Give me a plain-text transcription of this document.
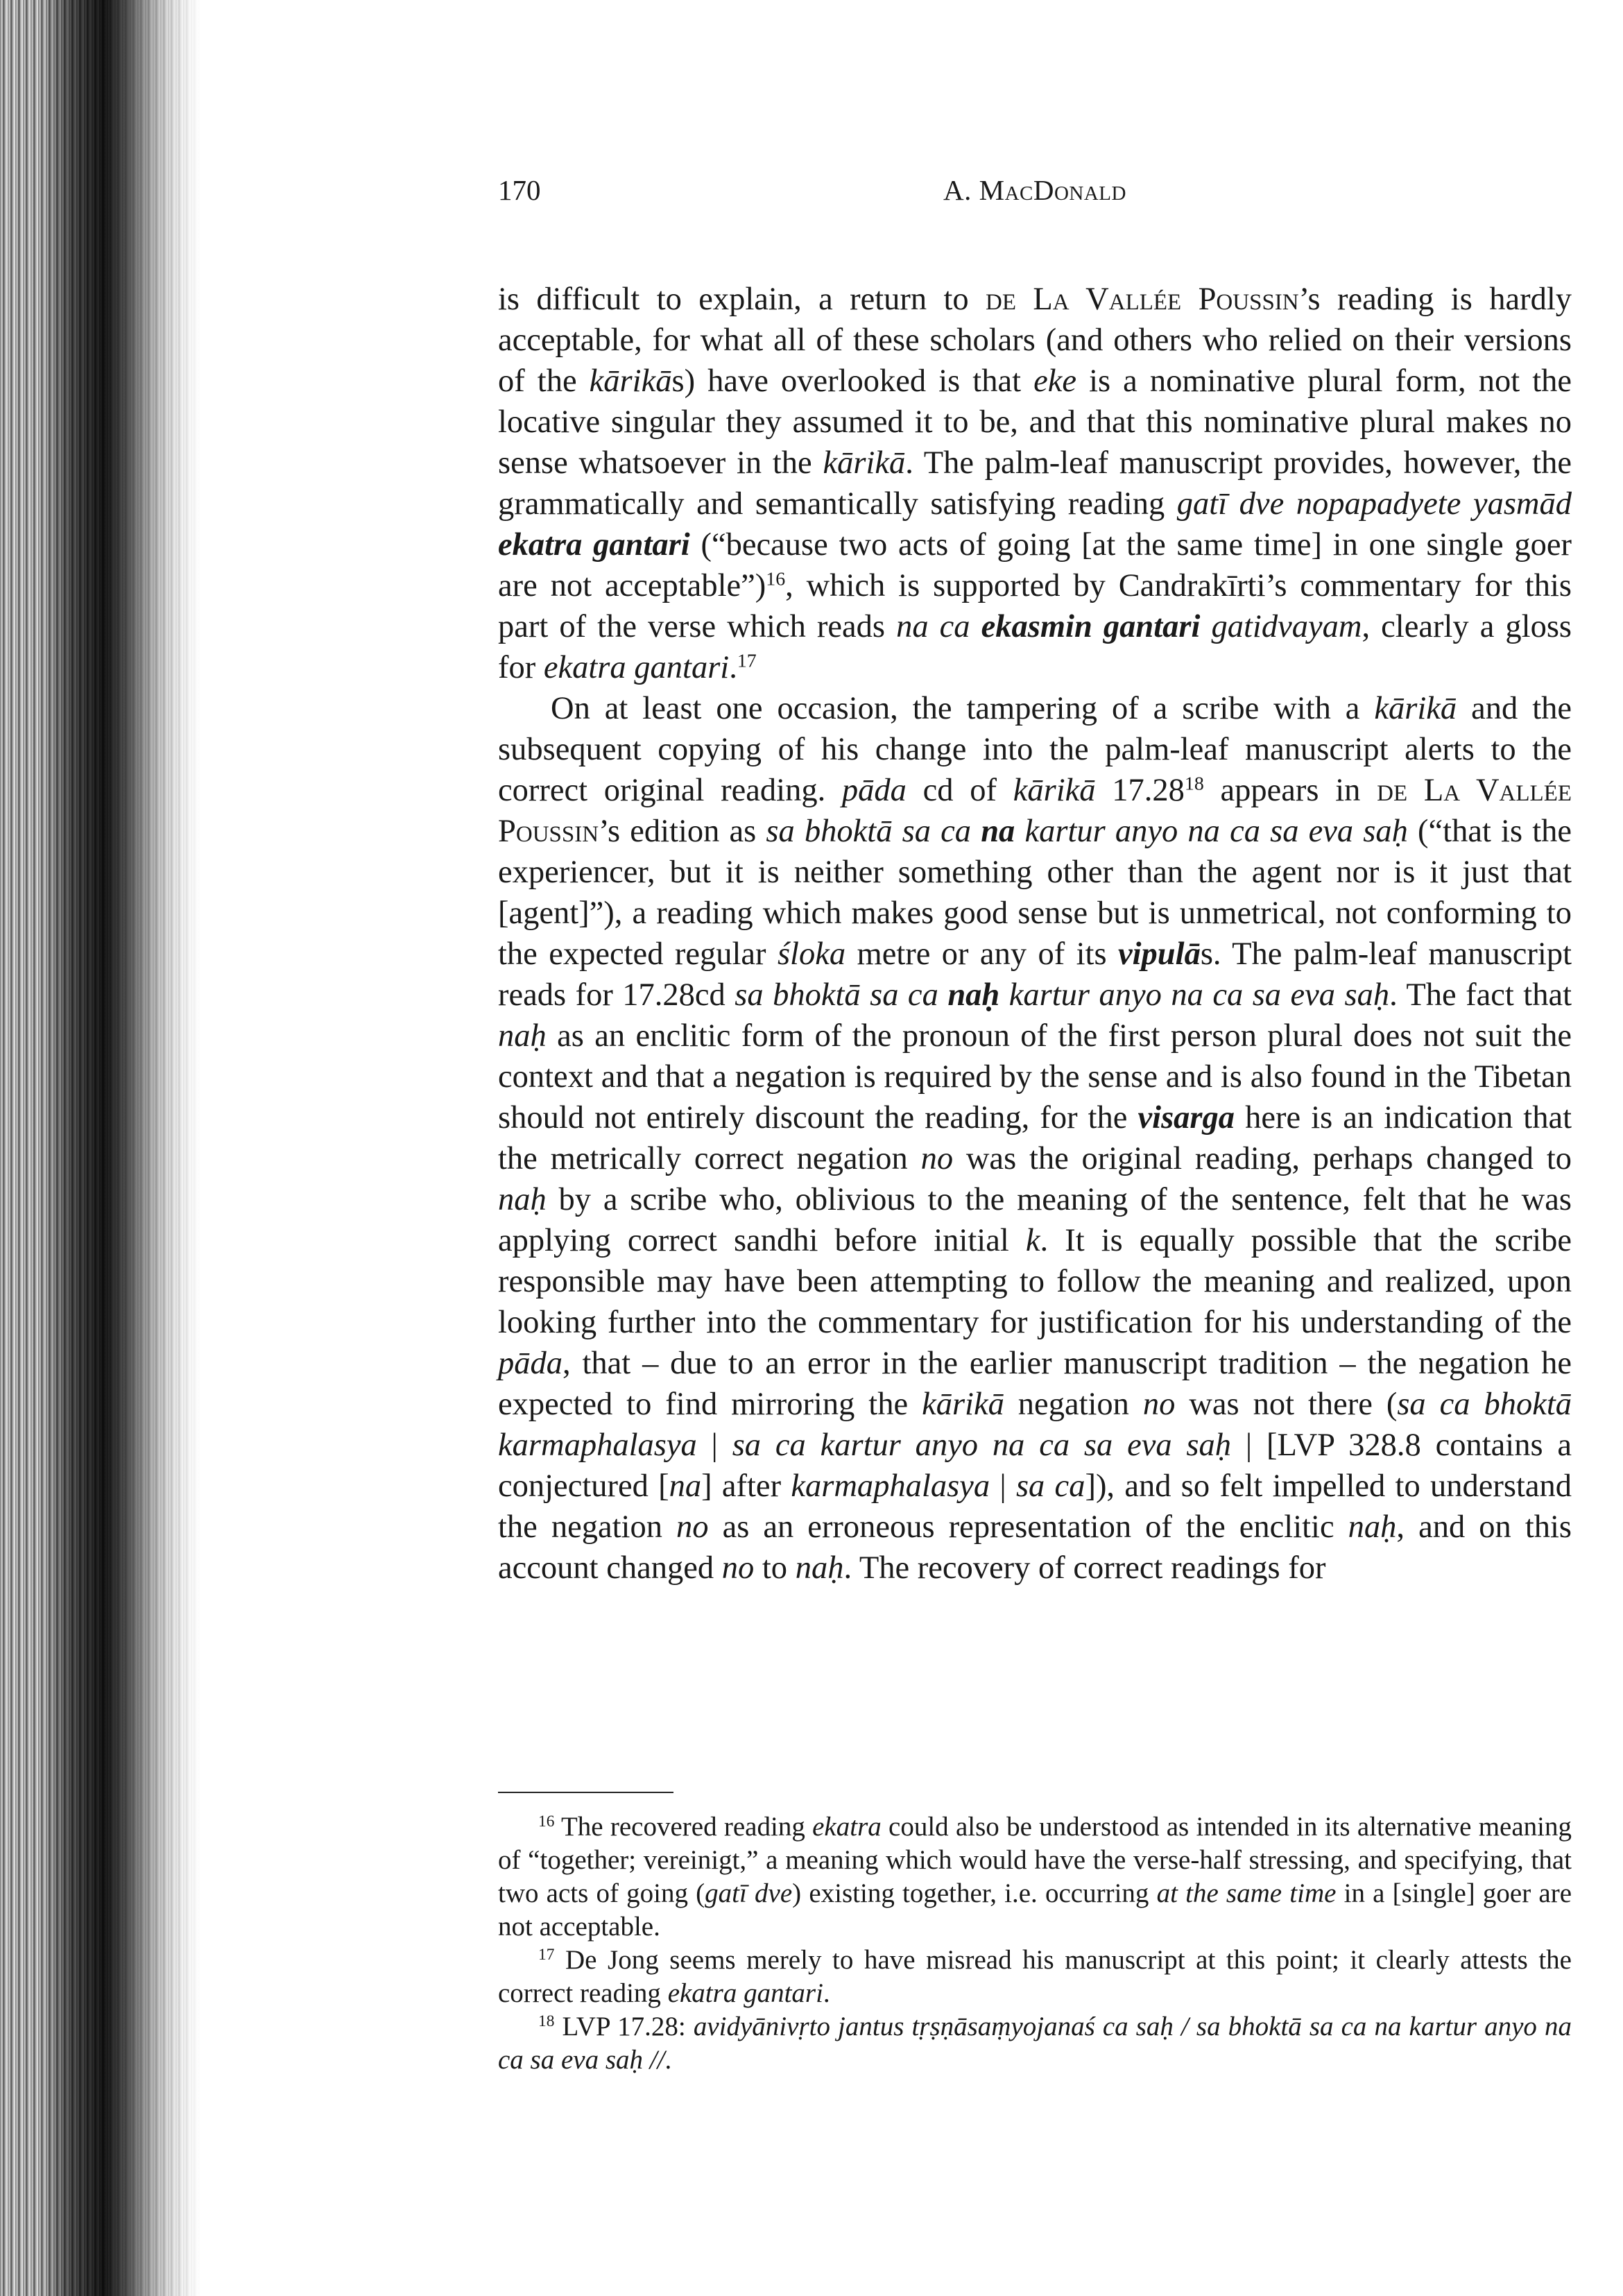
170	A. MacDonald

is difficult to explain, a return to de La Vallée Poussin’s reading is hardly acceptable, for what all of these scholars (and others who relied on their versions of the kārikās) have overlooked is that eke is a nominative plural form, not the locative singular they assumed it to be, and that this nominative plural makes no sense whatsoever in the kārikā. The palm-leaf manuscript provides, however, the grammatically and semantically satisfying reading gatī dve nopapadyete yasmād ekatra gantari (“because two acts of going [at the same time] in one single goer are not acceptable”)$^{16}$, which is supported by Candrakīrti’s commentary for this part of the verse which reads na ca ekasmin gantari gatidvayam, clearly a gloss for ekatra gantari.$^{17}$

On at least one occasion, the tampering of a scribe with a kārikā and the subsequent copying of his change into the palm-leaf manuscript alerts to the correct original reading. pāda cd of kārikā 17.28$^{18}$ appears in de La Vallée Poussin’s edition as sa bhoktā sa ca na kartur anyo na ca sa eva saḥ (“that is the experiencer, but it is neither something other than the agent nor is it just that [agent]”), a reading which makes good sense but is unmetrical, not conforming to the expected regular śloka metre or any of its vipulās. The palm-leaf manuscript reads for 17.28cd sa bhoktā sa ca naḥ kartur anyo na ca sa eva saḥ. The fact that naḥ as an enclitic form of the pronoun of the first person plural does not suit the context and that a negation is required by the sense and is also found in the Tibetan should not entirely discount the reading, for the visarga here is an indication that the metrically correct negation no was the original reading, perhaps changed to naḥ by a scribe who, oblivious to the meaning of the sentence, felt that he was applying correct sandhi before initial k. It is equally possible that the scribe responsible may have been attempting to follow the meaning and realized, upon looking further into the commentary for justification for his understanding of the pāda, that – due to an error in the earlier manuscript tradition – the negation he expected to find mirroring the kārikā negation no was not there (sa ca bhoktā karmaphalasya | sa ca kartur anyo na ca sa eva saḥ | [LVP 328.8 contains a conjectured [na] after karmaphalasya | sa ca]), and so felt impelled to understand the negation no as an erroneous representation of the enclitic naḥ, and on this account changed no to naḥ. The recovery of correct readings for

$^{16}$ The recovered reading ekatra could also be understood as intended in its alternative meaning of “together; vereinigt,” a meaning which would have the verse-half stressing, and specifying, that two acts of going (gatī dve) existing together, i.e. occurring at the same time in a [single] goer are not acceptable.

$^{17}$ De Jong seems merely to have misread his manuscript at this point; it clearly attests the correct reading ekatra gantari.

$^{18}$ LVP 17.28: avidyānivṛto jantus tṛṣṇāsaṃyojanaś ca saḥ / sa bhoktā sa ca na kartur anyo na ca sa eva saḥ //.
